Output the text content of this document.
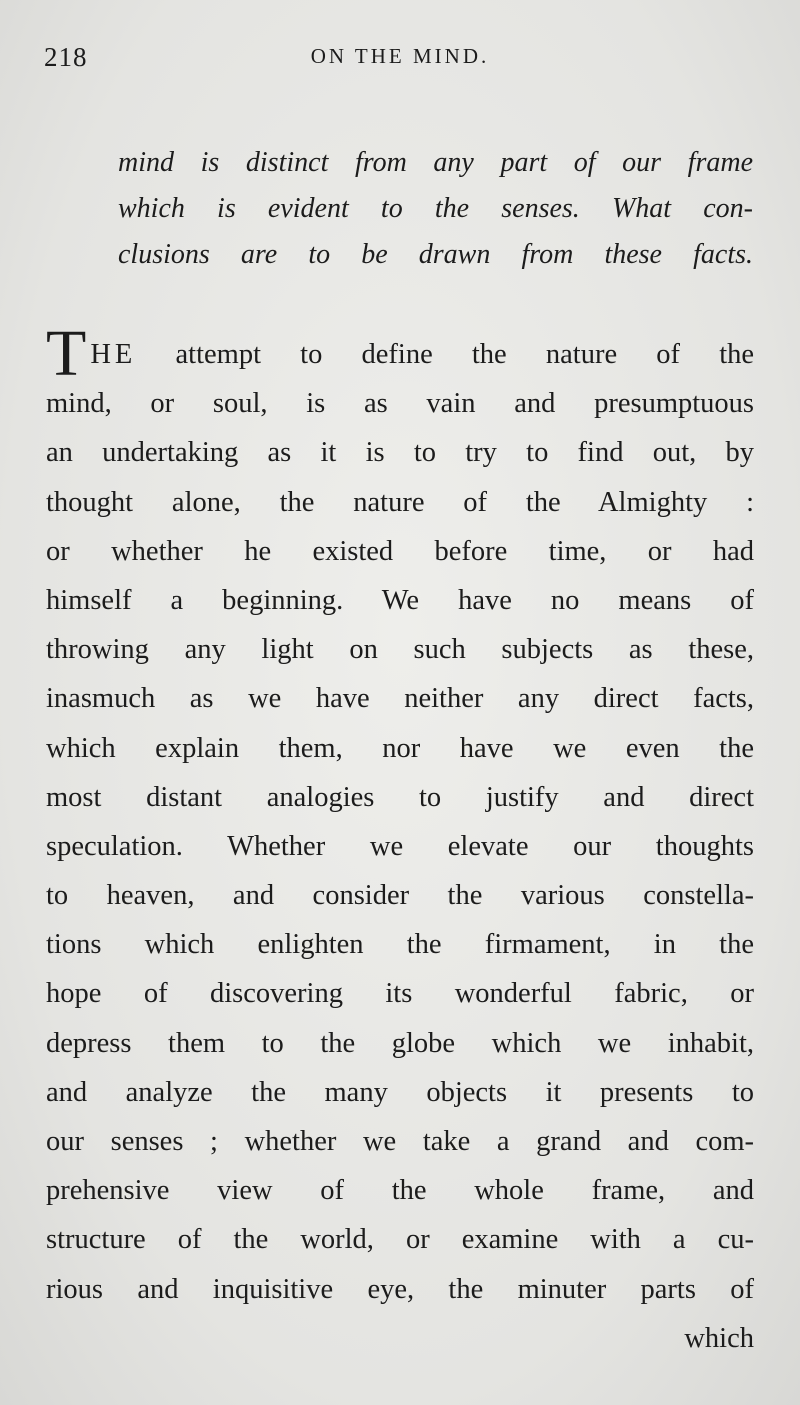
218	ON THE MIND.
mind is distinct from any part of our frame
which is evident to the senses. What con-
clusions are to be drawn from these facts.
T HE attempt to define the nature of the
mind, or soul, is as vain and presumptuous
an undertaking as it is to try to find out, by
thought alone, the nature of the Almighty :
or whether he existed before time, or had
himself a beginning. We have no means of
throwing any light on such subjects as these,
inasmuch as we have neither any direct facts,
which explain them, nor have we even the
most distant analogies to justify and direct
speculation. Whether we elevate our thoughts
to heaven, and consider the various constella-
tions which enlighten the firmament, in the
hope of discovering its wonderful fabric, or
depress them to the globe which we inhabit,
and analyze the many objects it presents to
our senses ; whether we take a grand and com-
prehensive view of the whole frame, and
structure of the world, or examine with a cu-
rious and inquisitive eye, the minuter parts of
which
